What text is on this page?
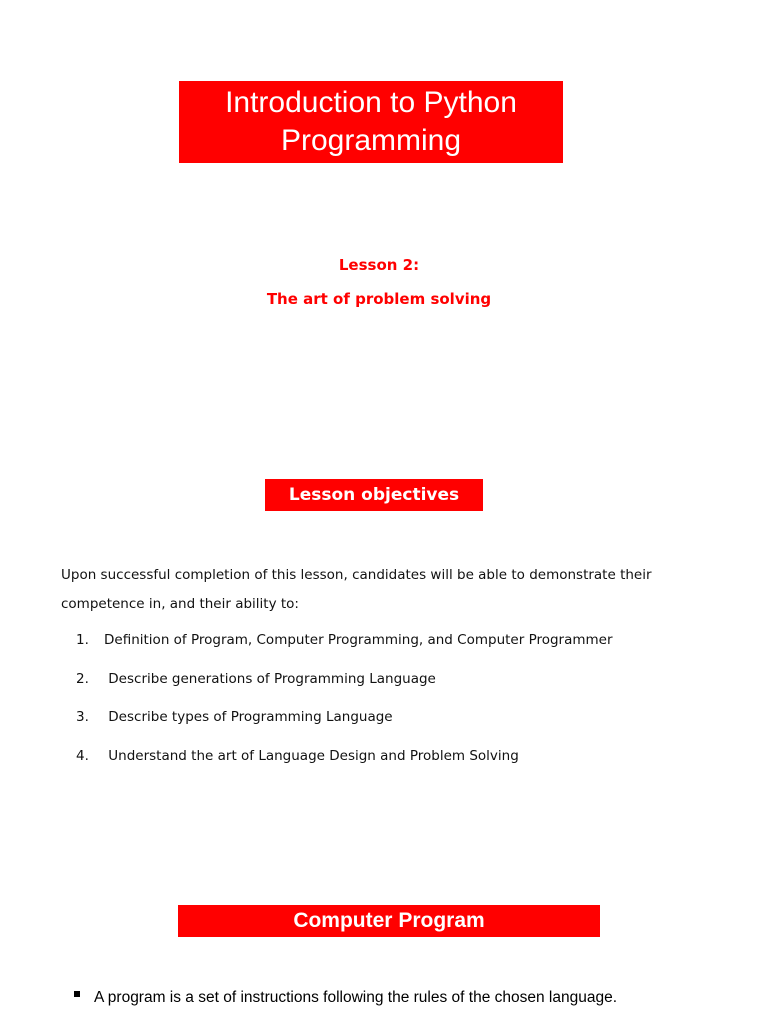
Introduction to Python
Programming
Lesson 2:
The art of problem solving
Lesson objectives
Upon successful completion of this lesson, candidates will be able to demonstrate their competence in, and their ability to:
1. Definition of Program, Computer Programming, and Computer Programmer
2. Describe generations of Programming Language
3. Describe types of Programming Language
4. Understand the art of Language Design and Problem Solving
Computer Program
A program is a set of instructions following the rules of the chosen language.
